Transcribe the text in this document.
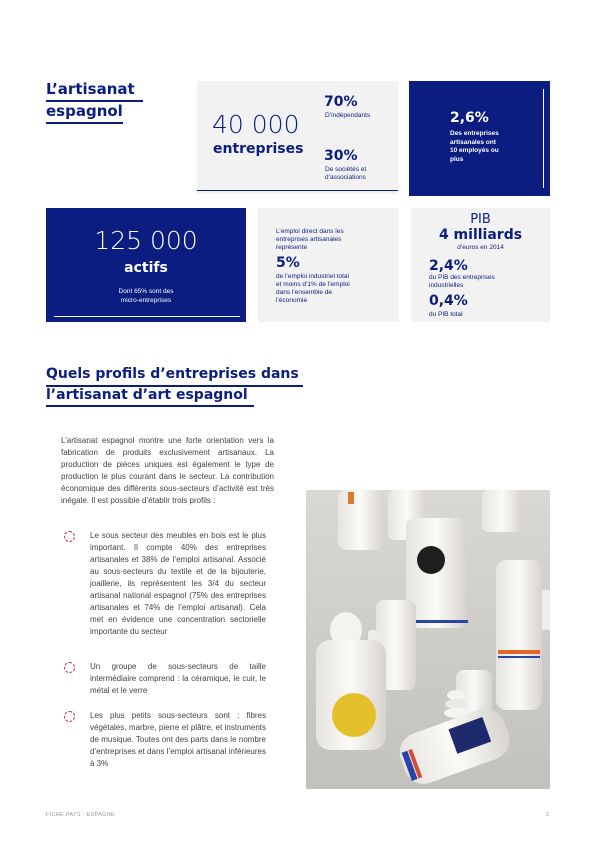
L’artisanat
espagnol	40 000
entreprises
70%
D’indépendants
30%
De sociétés et
d’associations
2,6%
Des entreprises
artisanales ont
10 employés ou
plus
125 000
actifs
Dont 65% sont des
micro-entreprises
L’emploi direct dans les
entreprises artisanales
représente
5%
de l’emploi industriel total
et moins d’1% de l’emploi
dans l’ensemble de
l’économie
PIB
4 milliards
d’euros en 2014
2,4%
du PIB des entreprises
industrielles
0,4%
du PIB total
Quels profils d’entreprises dans
l’artisanat d’art espagnol
L’artisanat espagnol montre une forte orientation vers la fabrication de produits exclusivement artisanaux. La production de pièces uniques est également le type de production le plus courant dans le secteur. La contribution économique des différents sous-secteurs d’activité est très inégale. Il est possible d’établir trois profils :
Le sous secteur des meubles en bois est le plus important. Il compte 40% des entreprises artisanales et 38% de l’emploi artisanal. Associé au sous-secteurs du textile et de la bijouterie, joaillerie, ils représentent les 3/4 du secteur artisanal national espagnol (75% des entreprises artisanales et 74% de l’emploi artisanal). Cela met en évidence une concentration sectorielle importante du secteur
Un groupe de sous-secteurs de taille intermédiaire comprend : la céramique, le cuir, le métal et le verre
Les plus petits sous-secteurs sont : fibres végétales, marbre, pierre et plâtre, et instruments de musique. Toutes ont des parts dans le nombre d’entreprises et dans l’emploi artisanal inférieures à 3%
FICHE PAYS - ESPAGNE	2
